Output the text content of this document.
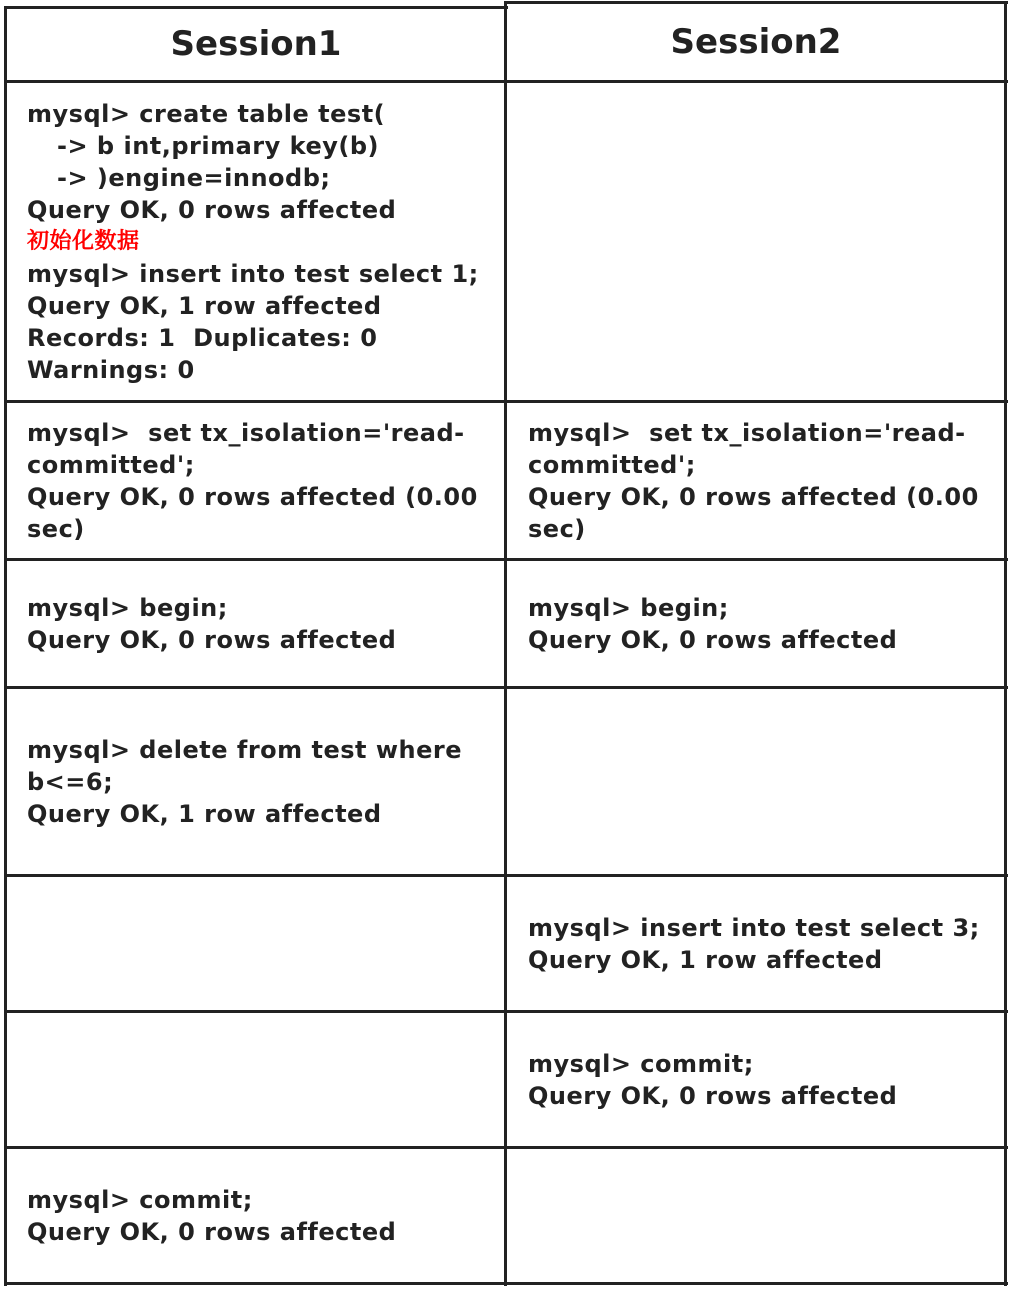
Session1	Session2
mysql> create table test(
-> b int,primary key(b)
-> )engine=innodb;
Query OK, 0 rows affected
初始化数据
mysql> insert into test select 1;
Query OK, 1 row affected
Records: 1  Duplicates: 0
Warnings: 0
mysql>  set tx_isolation='read-
committed';
Query OK, 0 rows affected (0.00
sec)
mysql>  set tx_isolation='read-
committed';
Query OK, 0 rows affected (0.00
sec)
mysql> begin;
Query OK, 0 rows affected
mysql> begin;
Query OK, 0 rows affected
mysql> delete from test where
b<=6;
Query OK, 1 row affected
mysql> insert into test select 3;
Query OK, 1 row affected
mysql> commit;
Query OK, 0 rows affected
mysql> commit;
Query OK, 0 rows affected
